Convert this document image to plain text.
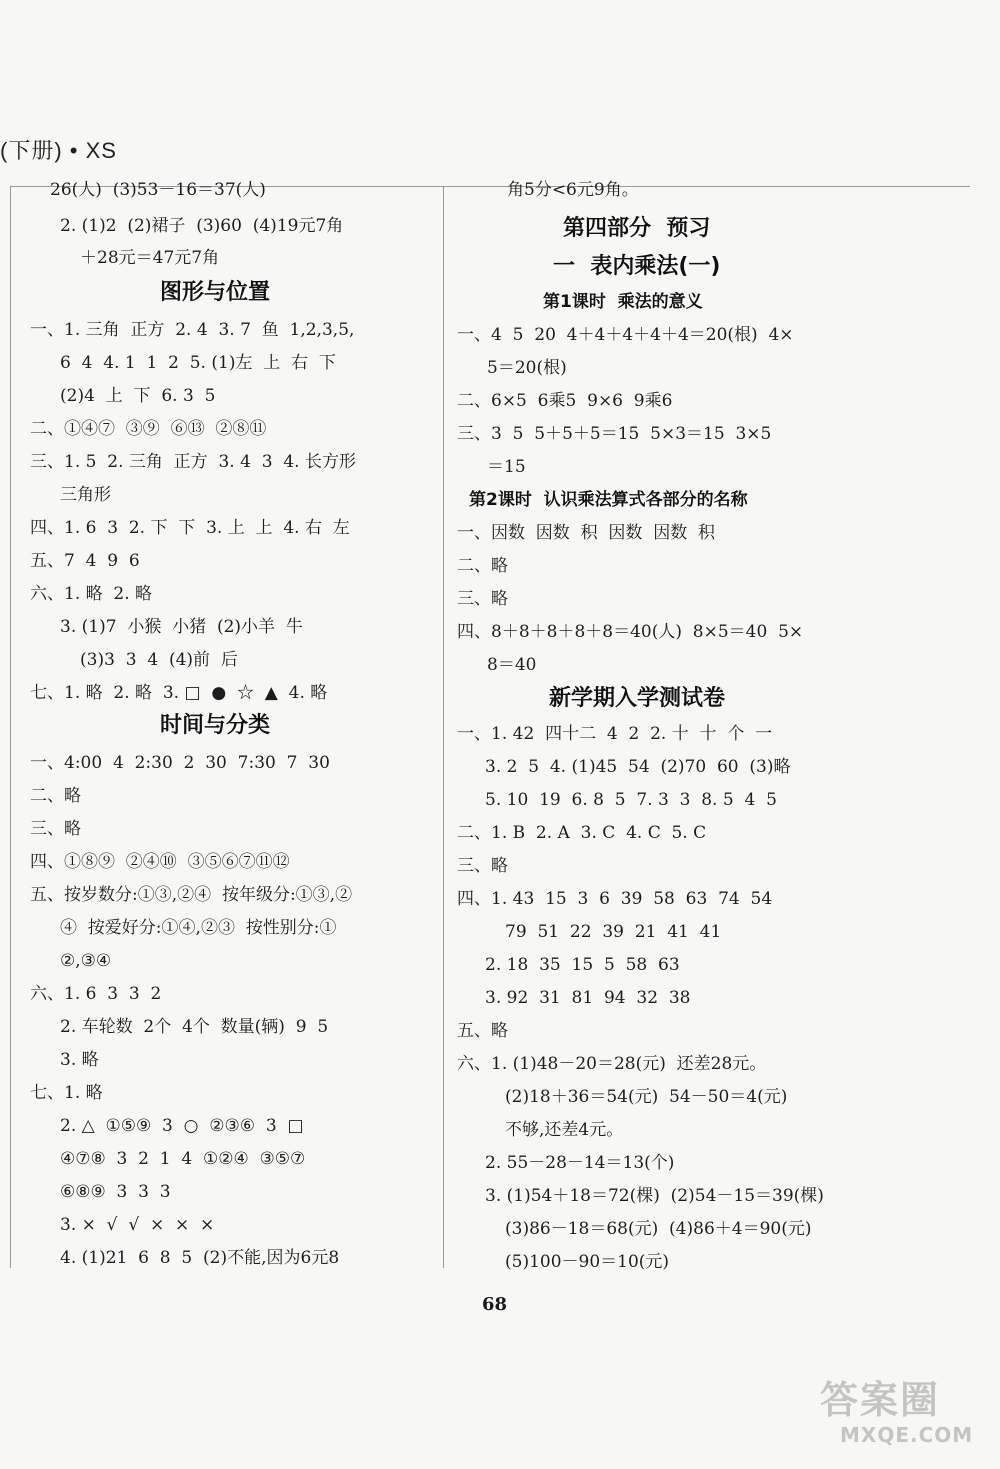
(下册) • XS
26(人)  (3)53－16＝37(人)
2. (1)2  (2)裙子  (3)60  (4)19元7角
＋28元＝47元7角
图形与位置
一、1. 三角  正方  2. 4  3. 7  鱼  1,2,3,5,
6  4  4. 1  1  2  5. (1)左  上  右  下
(2)4  上  下  6. 3  5
二、①④⑦  ③⑨  ⑥⑬  ②⑧⑪
三、1. 5  2. 三角  正方  3. 4  3  4. 长方形
三角形
四、1. 6  3  2. 下  下  3. 上  上  4. 右  左
五、7  4  9  6
六、1. 略  2. 略
3. (1)7  小猴  小猪  (2)小羊  牛
(3)3  3  4  (4)前  后
七、1. 略  2. 略  3. □  ●  ☆  ▲  4. 略
时间与分类
一、4:00  4  2:30  2  30  7:30  7  30
二、略
三、略
四、①⑧⑨  ②④⑩  ③⑤⑥⑦⑪⑫
五、按岁数分:①③,②④  按年级分:①③,②
④  按爱好分:①④,②③  按性别分:①
②,③④
六、1. 6  3  3  2
2. 车轮数  2个  4个  数量(辆)  9  5
3. 略
七、1. 略
2. △  ①⑤⑨  3  ○  ②③⑥  3  □
④⑦⑧  3  2  1  4  ①②④  ③⑤⑦
⑥⑧⑨  3  3  3
3. ×  √  √  ×  ×  ×
4. (1)21  6  8  5  (2)不能,因为6元8
角5分<6元9角。
第四部分  预习
一  表内乘法(一)
第1课时  乘法的意义
一、4  5  20  4＋4＋4＋4＋4＝20(根)  4×
5＝20(根)
二、6×5  6乘5  9×6  9乘6
三、3  5  5＋5＋5＝15  5×3＝15  3×5
＝15
第2课时  认识乘法算式各部分的名称
一、因数  因数  积  因数  因数  积
二、略
三、略
四、8＋8＋8＋8＋8＝40(人)  8×5＝40  5×
8＝40
新学期入学测试卷
一、1. 42  四十二  4  2  2. 十  十  个  一
3. 2  5  4. (1)45  54  (2)70  60  (3)略
5. 10  19  6. 8  5  7. 3  3  8. 5  4  5
二、1. B  2. A  3. C  4. C  5. C
三、略
四、1. 43  15  3  6  39  58  63  74  54
79  51  22  39  21  41  41
2. 18  35  15  5  58  63
3. 92  31  81  94  32  38
五、略
六、1. (1)48－20＝28(元)  还差28元。
(2)18＋36＝54(元)  54－50＝4(元)
不够,还差4元。
2. 55－28－14＝13(个)
3. (1)54＋18＝72(棵)  (2)54－15＝39(棵)
(3)86－18＝68(元)  (4)86＋4＝90(元)
(5)100－90＝10(元)
68
答案圈
MXQE.COM
